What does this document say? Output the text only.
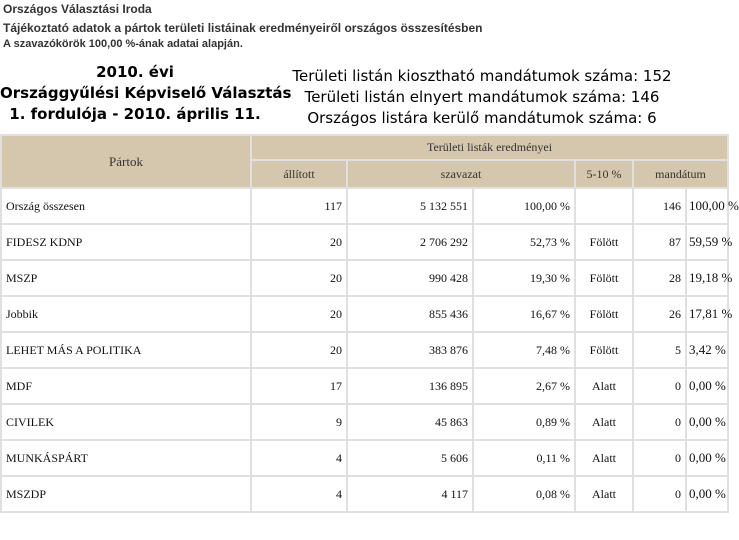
Országos Választási Iroda
Tájékoztató adatok a pártok területi listáinak eredményeiről országos összesítésben
A szavazókörök 100,00 %-ának adatai alapján.
2010. évi
Országgyűlési Képviselő Választás
1. fordulója - 2010. április 11.
Területi listán kiosztható mandátumok száma: 152
Területi listán elnyert mandátumok száma: 146
Országos listára kerülő mandátumok száma: 6
Pártok	Területi listák eredményei					
	állított	szavazat		5-10 %	mandátum	
Ország összesen	117	5 132 551	100,00 %		146	100,00 %
FIDESZ KDNP	20	2 706 292	52,73 %	Fölött	87	59,59 %
MSZP	20	990 428	19,30 %	Fölött	28	19,18 %
Jobbik	20	855 436	16,67 %	Fölött	26	17,81 %
LEHET MÁS A POLITIKA	20	383 876	7,48 %	Fölött	5	3,42 %
MDF	17	136 895	2,67 %	Alatt	0	0,00 %
CIVILEK	9	45 863	0,89 %	Alatt	0	0,00 %
MUNKÁSPÁRT	4	5 606	0,11 %	Alatt	0	0,00 %
MSZDP	4	4 117	0,08 %	Alatt	0	0,00 %
